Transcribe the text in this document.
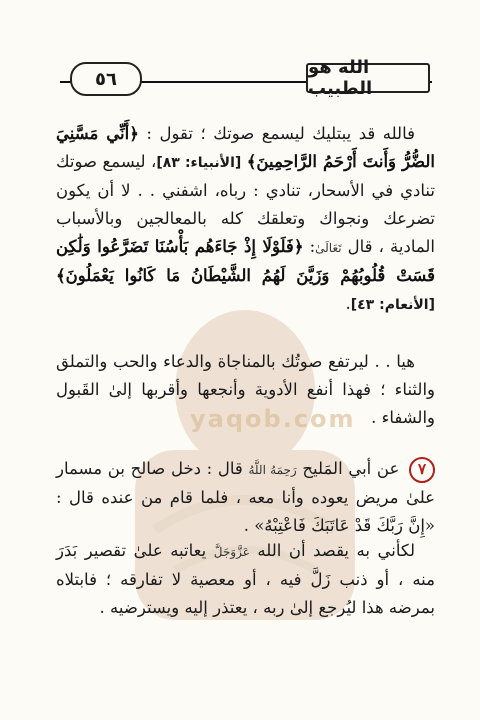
yaqob.com
الله هو الطبيب
٥٦

فالله قد يبتليك ليسمع صوتك ؛ تقول : ﴿أَنِّي مَسَّنِيَ الضُّرُّ وَأَنتَ أَرْحَمُ الرَّاحِمِينَ﴾ [الأنبياء: ٨٣]، ليسمع صوتك تنادي في الأسحار، تنادي : رباه، اشفني . . لا أن يكون تضرعك ونجواك وتعلقك كله بالمعالجين وبالأسباب المادية ، قال تَعَالَىٰ: ﴿فَلَوْلَا إِذْ جَاءَهُم بَأْسُنَا تَضَرَّعُوا وَلَٰكِن قَسَتْ قُلُوبُهُمْ وَزَيَّنَ لَهُمُ الشَّيْطَانُ مَا كَانُوا يَعْمَلُونَ﴾ [الأنعام: ٤٣].

هيا . . ليرتفع صوتُك بالمناجاة والدعاء والحب والتملق والثناء ؛ فهذا أنفع الأدوية وأنجعها وأقربها إلىٰ القَبول والشفاء .

٧ عن أبي المَليح رَحِمَهُ اللَّهُ قال : دخل صالح بن مسمار علىٰ مريض يعوده وأنا معه ، فلما قام من عنده قال : «إِنَّ رَبَّكَ قَدْ عَاتَبَكَ فَاعْتِبْهُ» .

لكأني به يقصد أن الله عَزَّوَجَلَّ يعاتبه علىٰ تقصير بَدَرَ منه ، أو ذنب زَلَّ فيه ، أو معصية لا تفارقه ؛ فابتلاه بمرضه هذا ليُرجع إلىٰ ربه ، يعتذر إليه ويسترضيه .
